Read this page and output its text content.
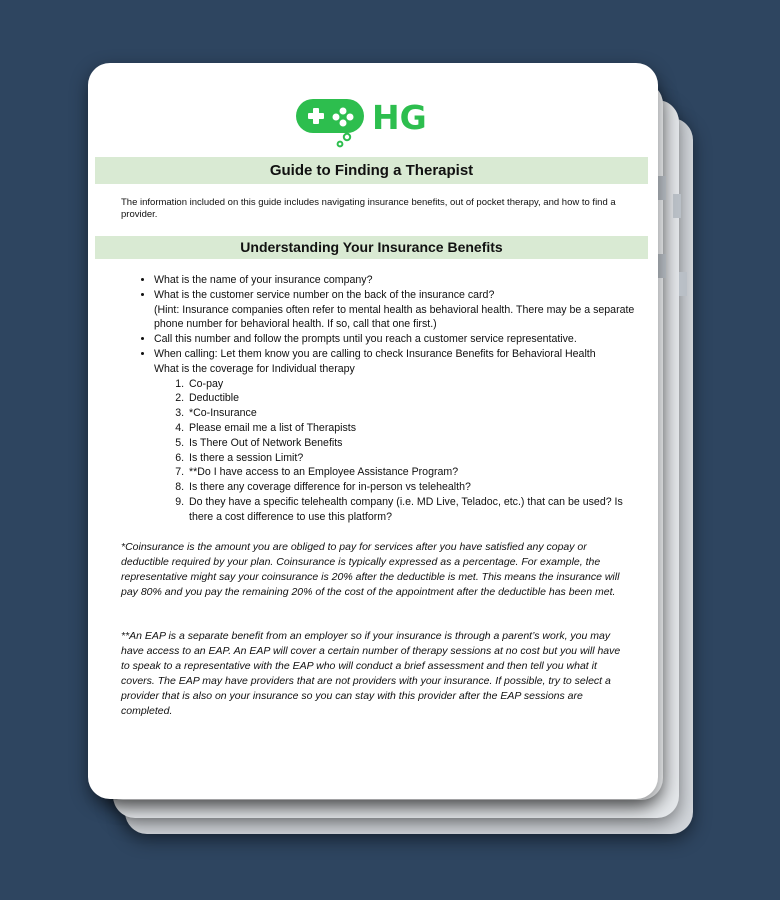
HG
Guide to Finding a Therapist
The information included on this guide includes navigating insurance benefits, out of pocket therapy, and how to find a provider.
Understanding Your Insurance Benefits
• What is the name of your insurance company?
• What is the customer service number on the back of the insurance card?
(Hint: Insurance companies often refer to mental health as behavioral health. There may be a separate phone number for behavioral health. If so, call that one first.)
• Call this number and follow the prompts until you reach a customer service representative.
• When calling: Let them know you are calling to check Insurance Benefits for Behavioral Health
What is the coverage for Individual therapy
1. Co-pay
2. Deductible
3. *Co-Insurance
4. Please email me a list of Therapists
5. Is There Out of Network Benefits
6. Is there a session Limit?
7. **Do I have access to an Employee Assistance Program?
8. Is there any coverage difference for in-person vs telehealth?
9. Do they have a specific telehealth company (i.e. MD Live, Teladoc, etc.) that can be used? Is there a cost difference to use this platform?
*Coinsurance is the amount you are obliged to pay for services after you have satisfied any copay or deductible required by your plan. Coinsurance is typically expressed as a percentage. For example, the representative might say your coinsurance is 20% after the deductible is met. This means the insurance will pay 80% and you pay the remaining 20% of the cost of the appointment after the deductible has been met.
**An EAP is a separate benefit from an employer so if your insurance is through a parent’s work, you may have access to an EAP. An EAP will cover a certain number of therapy sessions at no cost but you will have to speak to a representative with the EAP who will conduct a brief assessment and then tell you what it covers. The EAP may have providers that are not providers with your insurance. If possible, try to select a provider that is also on your insurance so you can stay with this provider after the EAP sessions are completed.
